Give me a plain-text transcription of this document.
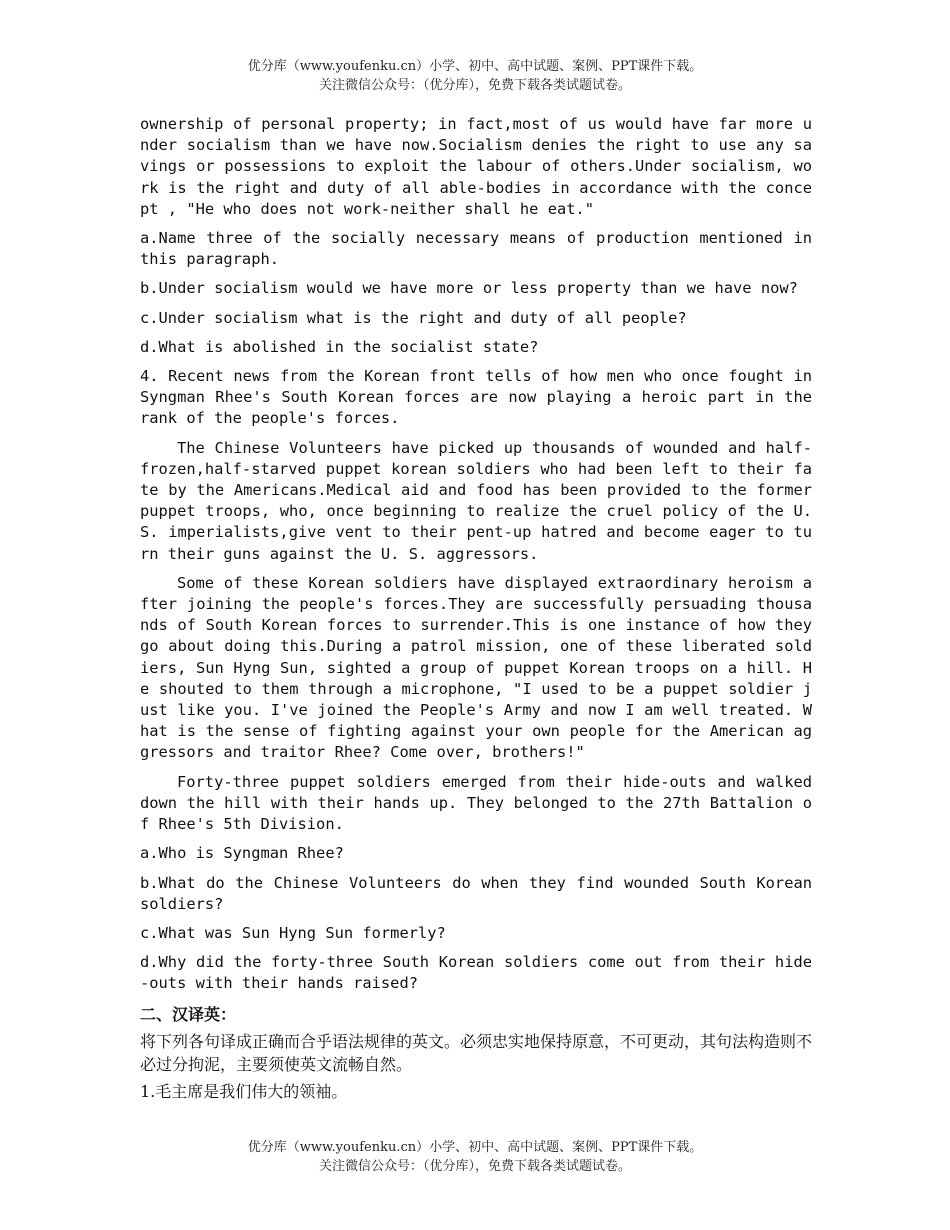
优分库（www.youfenku.cn）小学、初中、高中试题、案例、PPT课件下载。
关注微信公众号：（优分库），免费下载各类试题试卷。

ownership of personal property; in fact,most of us would have far more under socialism than we have now.Socialism denies the right to use any savings or possessions to exploit the labour of others.Under socialism, work is the right and duty of all able-bodies in accordance with the concept , "He who does not work-neither shall he eat."

a.Name three of the socially necessary means of production mentioned in this paragraph.

b.Under socialism would we have more or less property than we have now?

c.Under socialism what is the right and duty of all people?

d.What is abolished in the socialist state?

4. Recent news from the Korean front tells of how men who once fought in Syngman Rhee's South Korean forces are now playing a heroic part in the rank of the people's forces.

The Chinese Volunteers have picked up thousands of wounded and half-frozen,half-starved puppet korean soldiers who had been left to their fate by the Americans.Medical aid and food has been provided to the former puppet troops, who, once beginning to realize the cruel policy of the U. S. imperialists,give vent to their pent-up hatred and become eager to turn their guns against the U. S. aggressors.

Some of these Korean soldiers have displayed extraordinary heroism after joining the people's forces.They are successfully persuading thousands of South Korean forces to surrender.This is one instance of how they go about doing this.During a patrol mission, one of these liberated soldiers, Sun Hyng Sun, sighted a group of puppet Korean troops on a hill. He shouted to them through a microphone, "I used to be a puppet soldier just like you. I've joined the People's Army and now I am well treated. What is the sense of fighting against your own people for the American aggressors and traitor Rhee? Come over, brothers!"

Forty-three puppet soldiers emerged from their hide-outs and walked down the hill with their hands up. They belonged to the 27th Battalion of Rhee's 5th Division.

a.Who is Syngman Rhee?

b.What do the Chinese Volunteers do when they find wounded South Korean soldiers?

c.What was Sun Hyng Sun formerly?

d.Why did the forty-three South Korean soldiers come out from their hide-outs with their hands raised?

二、汉译英：

将下列各句译成正确而合乎语法规律的英文。必须忠实地保持原意，不可更动，其句法构造则不必过分拘泥，主要须使英文流畅自然。

1.毛主席是我们伟大的领袖。

优分库（www.youfenku.cn）小学、初中、高中试题、案例、PPT课件下载。
关注微信公众号：（优分库），免费下载各类试题试卷。
